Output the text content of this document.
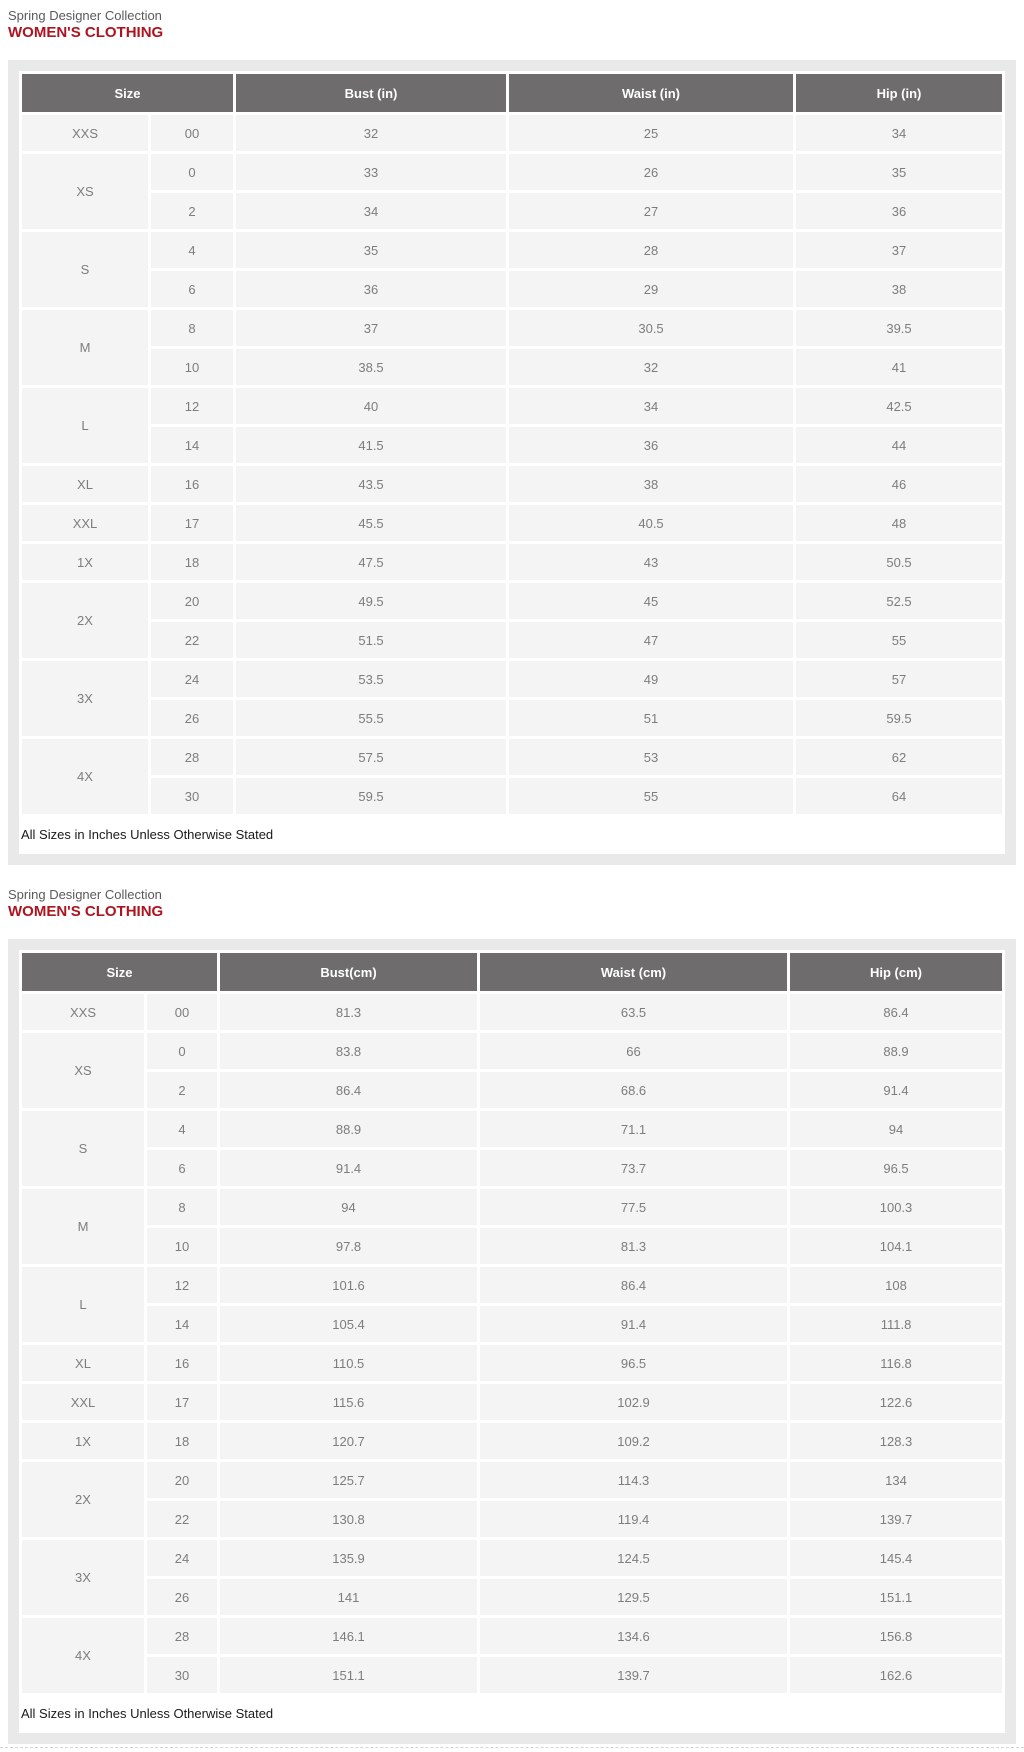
Spring Designer Collection
WOMEN'S CLOTHING
Size		Bust (in)	Waist (in)	Hip (in)
XXS	00	32	25	34
XS	0	33	26	35
	2	34	27	36
S	4	35	28	37
	6	36	29	38
M	8	37	30.5	39.5
	10	38.5	32	41
L	12	40	34	42.5
	14	41.5	36	44
XL	16	43.5	38	46
XXL	17	45.5	40.5	48
1X	18	47.5	43	50.5
2X	20	49.5	45	52.5
	22	51.5	47	55
3X	24	53.5	49	57
	26	55.5	51	59.5
4X	28	57.5	53	62
	30	59.5	55	64
All Sizes in Inches Unless Otherwise Stated
Spring Designer Collection
WOMEN'S CLOTHING
Size		Bust(cm)	Waist (cm)	Hip (cm)
XXS	00	81.3	63.5	86.4
XS	0	83.8	66	88.9
	2	86.4	68.6	91.4
S	4	88.9	71.1	94
	6	91.4	73.7	96.5
M	8	94	77.5	100.3
	10	97.8	81.3	104.1
L	12	101.6	86.4	108
	14	105.4	91.4	111.8
XL	16	110.5	96.5	116.8
XXL	17	115.6	102.9	122.6
1X	18	120.7	109.2	128.3
2X	20	125.7	114.3	134
	22	130.8	119.4	139.7
3X	24	135.9	124.5	145.4
	26	141	129.5	151.1
4X	28	146.1	134.6	156.8
	30	151.1	139.7	162.6
All Sizes in Inches Unless Otherwise Stated
